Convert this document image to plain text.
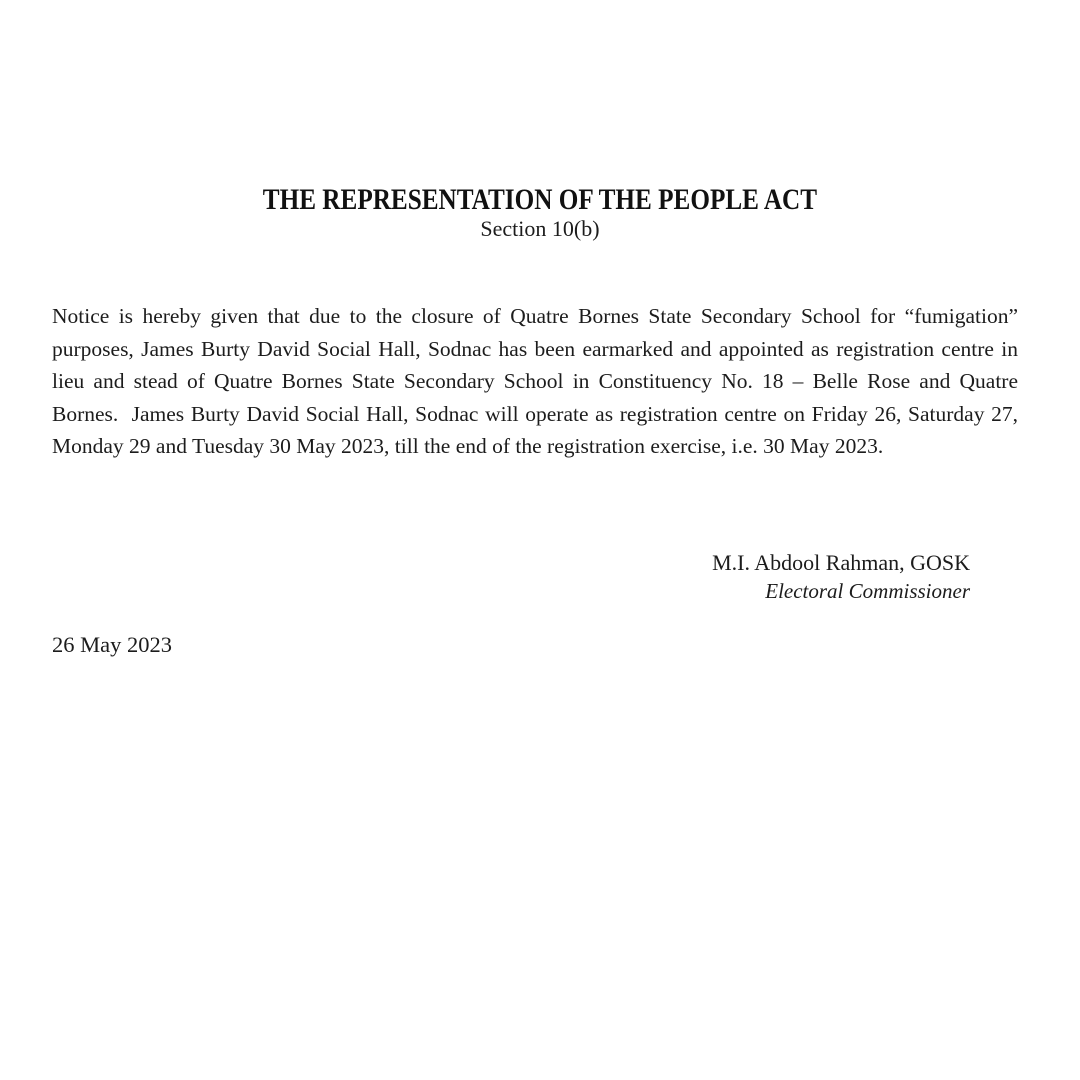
THE REPRESENTATION OF THE PEOPLE ACT
Section 10(b)
Notice is hereby given that due to the closure of Quatre Bornes State Secondary School for “fumigation” purposes, James Burty David Social Hall, Sodnac has been earmarked and appointed as registration centre in lieu and stead of Quatre Bornes State Secondary School in Constituency No. 18 – Belle Rose and Quatre Bornes.  James Burty David Social Hall, Sodnac will operate as registration centre on Friday 26, Saturday 27, Monday 29 and Tuesday 30 May 2023, till the end of the registration exercise, i.e. 30 May 2023.
M.I. Abdool Rahman, GOSK
Electoral Commissioner
26 May 2023
